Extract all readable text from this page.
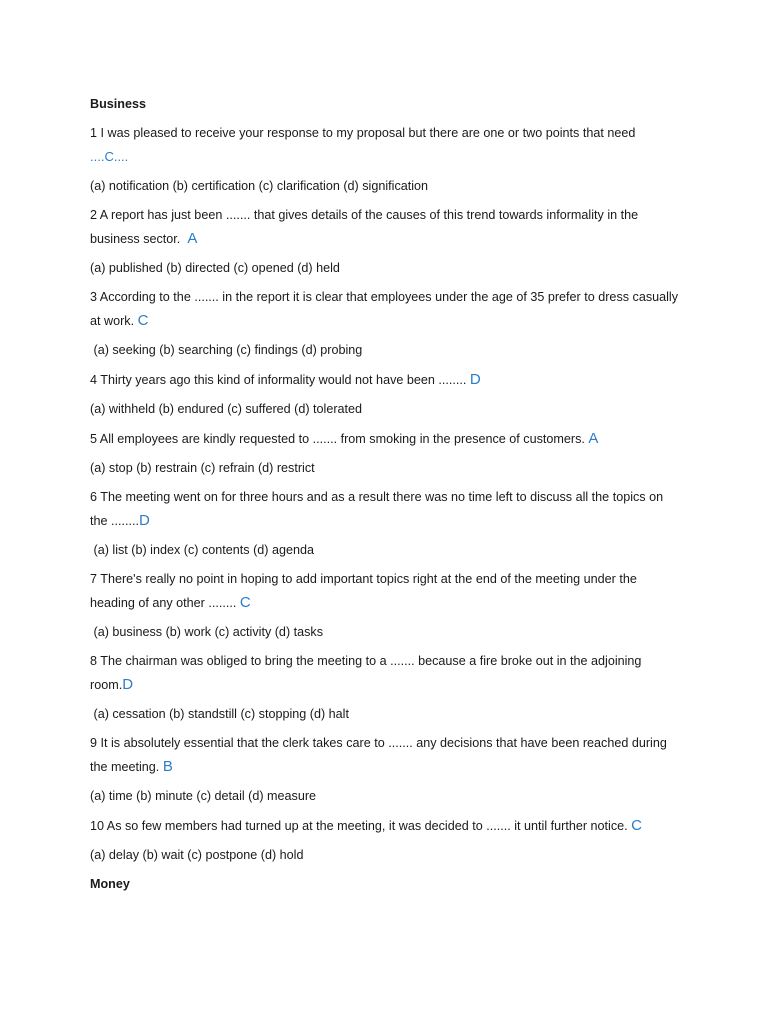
Business
1 I was pleased to receive your response to my proposal but there are one or two points that need
....C....
(a) notification (b) certification (c) clarification (d) signification
2 A report has just been ....... that gives details of the causes of this trend towards informality in the business sector. A
(a) published (b) directed (c) opened (d) held
3 According to the ....... in the report it is clear that employees under the age of 35 prefer to dress casually at work. C
(a) seeking (b) searching (c) findings (d) probing
4 Thirty years ago this kind of informality would not have been ........ D
(a) withheld (b) endured (c) suffered (d) tolerated
5 All employees are kindly requested to ....... from smoking in the presence of customers. A
(a) stop (b) restrain (c) refrain (d) restrict
6 The meeting went on for three hours and as a result there was no time left to discuss all the topics on the ........D
(a) list (b) index (c) contents (d) agenda
7 There's really no point in hoping to add important topics right at the end of the meeting under the heading of any other ........ C
(a) business (b) work (c) activity (d) tasks
8 The chairman was obliged to bring the meeting to a ....... because a fire broke out in the adjoining room.D
(a) cessation (b) standstill (c) stopping (d) halt
9 It is absolutely essential that the clerk takes care to ....... any decisions that have been reached during the meeting. B
(a) time (b) minute (c) detail (d) measure
10 As so few members had turned up at the meeting, it was decided to ....... it until further notice. C
(a) delay (b) wait (c) postpone (d) hold
Money
